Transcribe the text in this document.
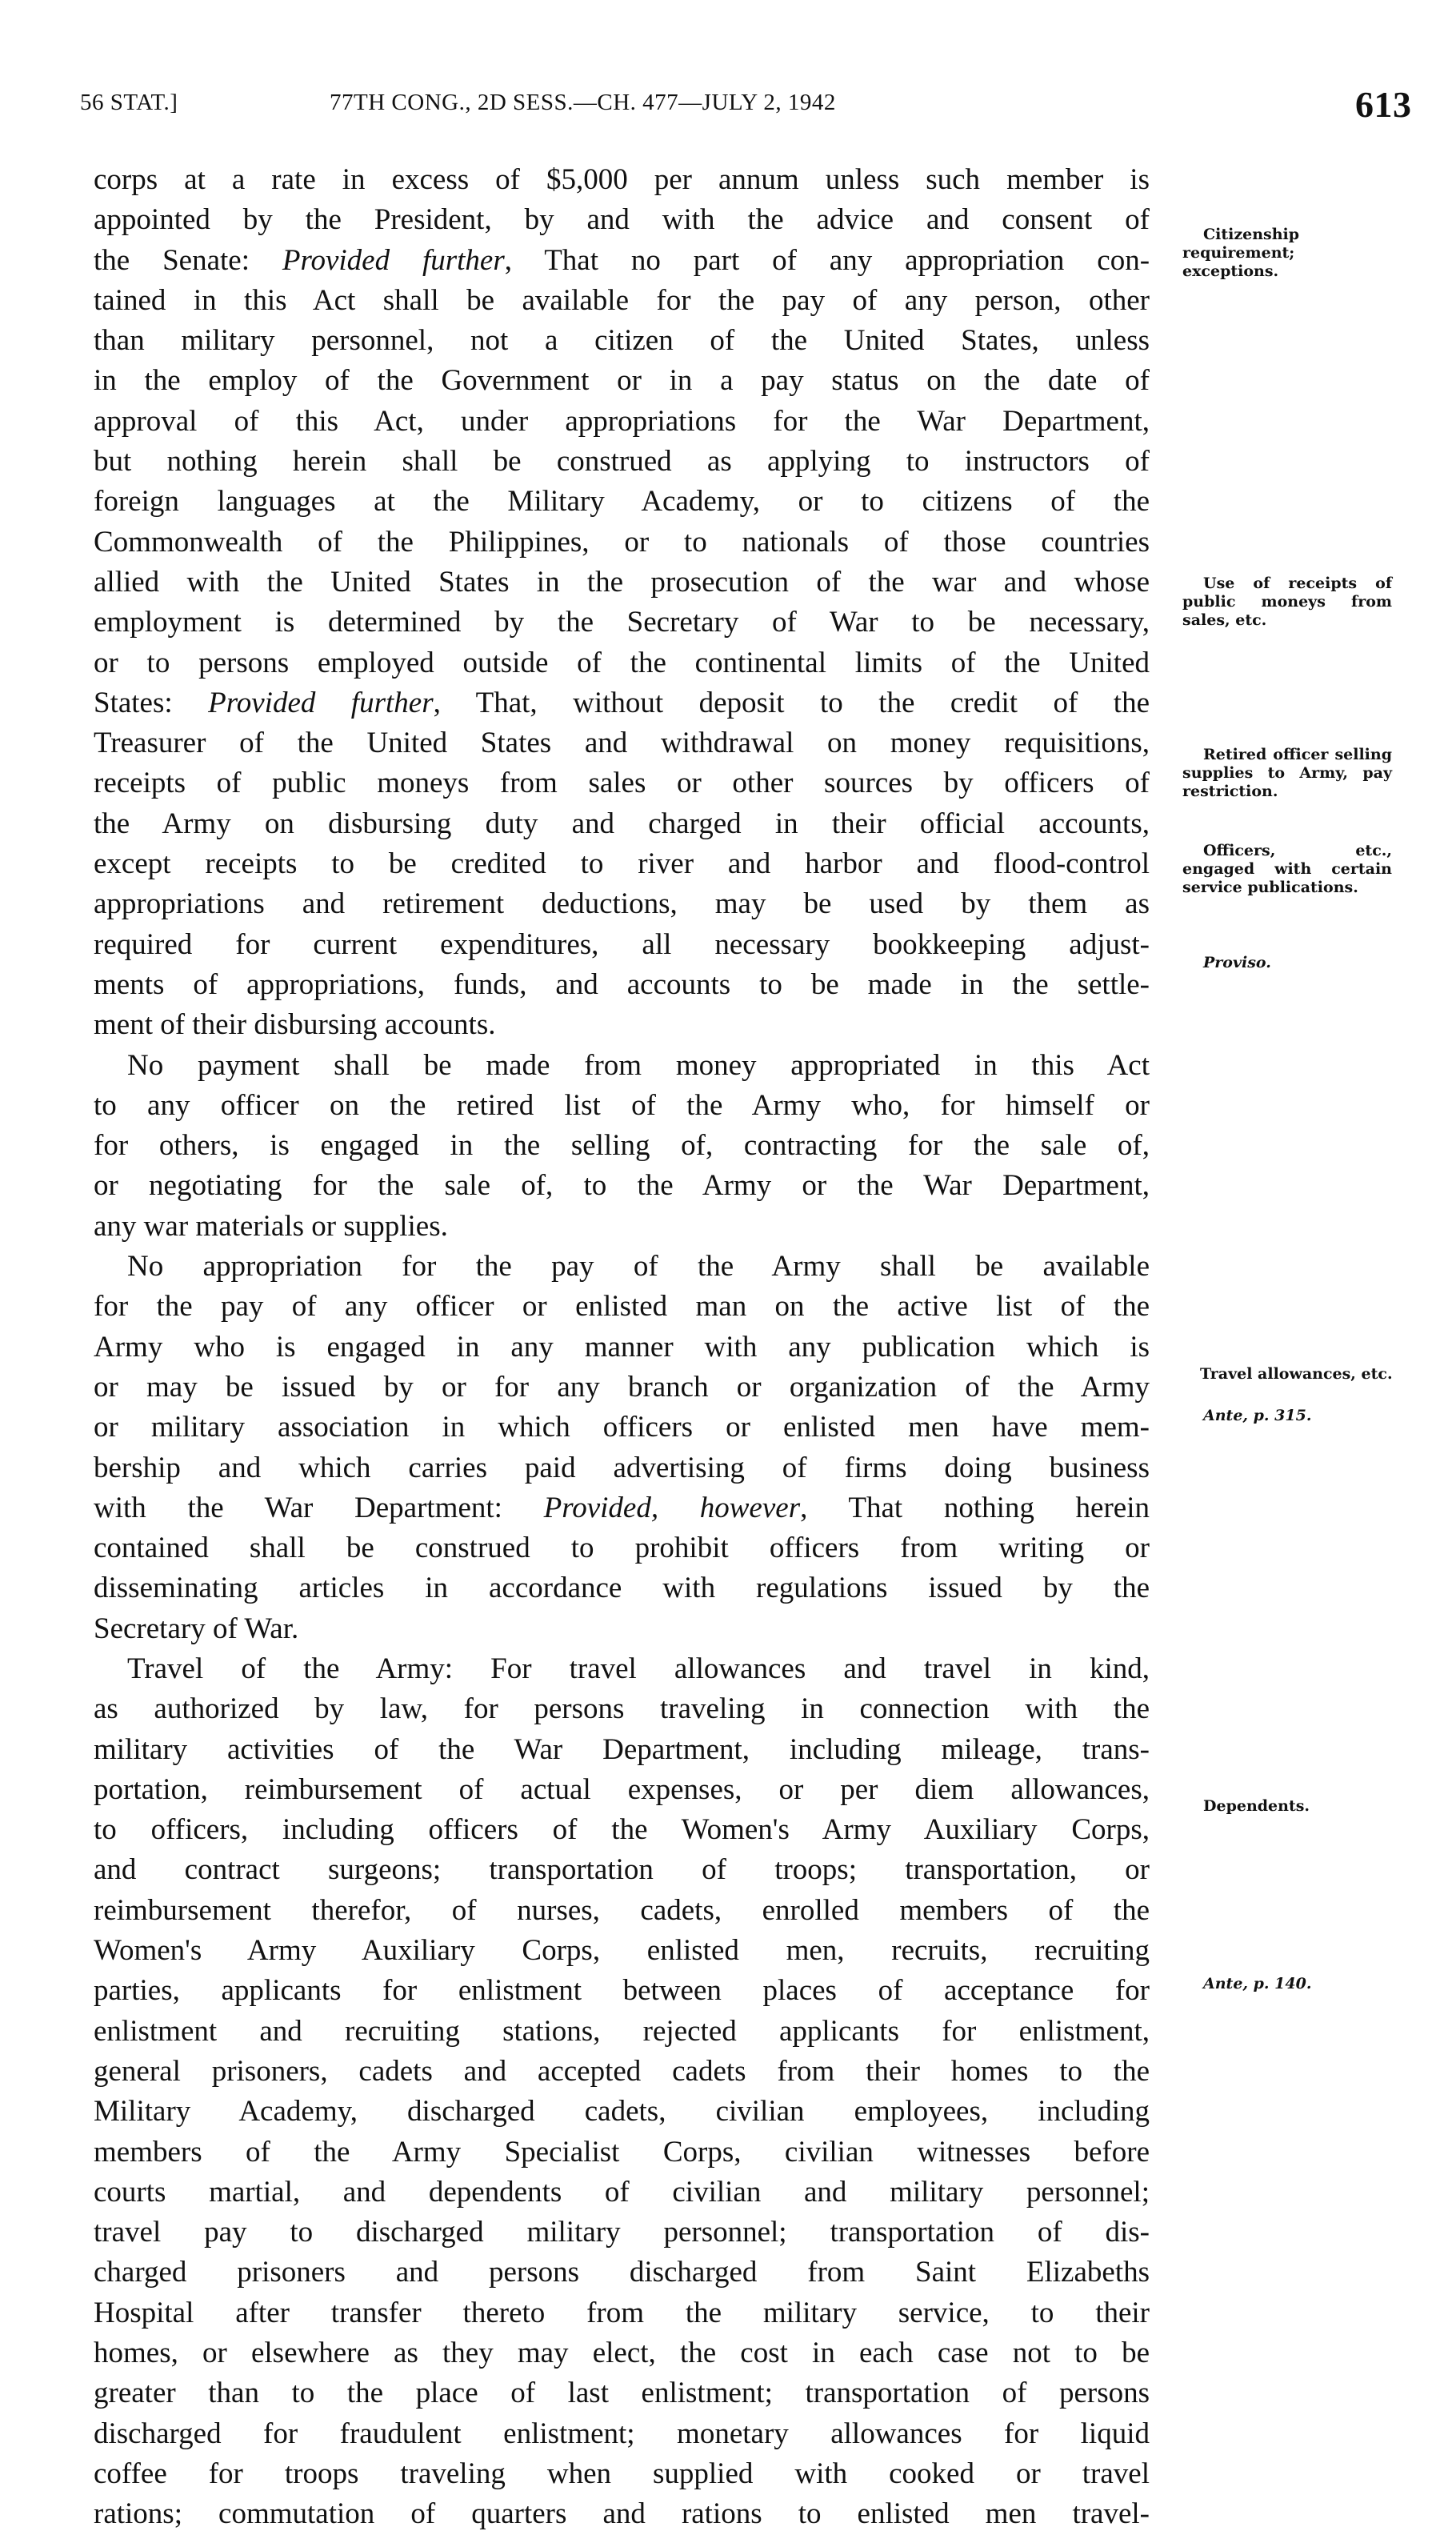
56 STAT.]	77TH CONG., 2D SESS.—CH. 477—JULY 2, 1942	613
corps at a rate in excess of $5,000 per annum unless such member is
appointed by the President, by and with the advice and consent of
the Senate: Provided further, That no part of any appropriation con-
tained in this Act shall be available for the pay of any person, other
than military personnel, not a citizen of the United States, unless
in the employ of the Government or in a pay status on the date of
approval of this Act, under appropriations for the War Department,
but nothing herein shall be construed as applying to instructors of
foreign languages at the Military Academy, or to citizens of the
Commonwealth of the Philippines, or to nationals of those countries
allied with the United States in the prosecution of the war and whose
employment is determined by the Secretary of War to be necessary,
or to persons employed outside of the continental limits of the United
States: Provided further, That, without deposit to the credit of the
Treasurer of the United States and withdrawal on money requisitions,
receipts of public moneys from sales or other sources by officers of
the Army on disbursing duty and charged in their official accounts,
except receipts to be credited to river and harbor and flood-control
appropriations and retirement deductions, may be used by them as
required for current expenditures, all necessary bookkeeping adjust-
ments of appropriations, funds, and accounts to be made in the settle-
ment of their disbursing accounts.
No payment shall be made from money appropriated in this Act
to any officer on the retired list of the Army who, for himself or
for others, is engaged in the selling of, contracting for the sale of,
or negotiating for the sale of, to the Army or the War Department,
any war materials or supplies.
No appropriation for the pay of the Army shall be available
for the pay of any officer or enlisted man on the active list of the
Army who is engaged in any manner with any publication which is
or may be issued by or for any branch or organization of the Army
or military association in which officers or enlisted men have mem-
bership and which carries paid advertising of firms doing business
with the War Department: Provided, however, That nothing herein
contained shall be construed to prohibit officers from writing or
disseminating articles in accordance with regulations issued by the
Secretary of War.
Travel of the Army: For travel allowances and travel in kind,
as authorized by law, for persons traveling in connection with the
military activities of the War Department, including mileage, trans-
portation, reimbursement of actual expenses, or per diem allowances,
to officers, including officers of the Women's Army Auxiliary Corps,
and contract surgeons; transportation of troops; transportation, or
reimbursement therefor, of nurses, cadets, enrolled members of the
Women's Army Auxiliary Corps, enlisted men, recruits, recruiting
parties, applicants for enlistment between places of acceptance for
enlistment and recruiting stations, rejected applicants for enlistment,
general prisoners, cadets and accepted cadets from their homes to the
Military Academy, discharged cadets, civilian employees, including
members of the Army Specialist Corps, civilian witnesses before
courts martial, and dependents of civilian and military personnel;
travel pay to discharged military personnel; transportation of dis-
charged prisoners and persons discharged from Saint Elizabeths
Hospital after transfer thereto from the military service, to their
homes, or elsewhere as they may elect, the cost in each case not to be
greater than to the place of last enlistment; transportation of persons
discharged for fraudulent enlistment; monetary allowances for liquid
coffee for troops traveling when supplied with cooked or travel
rations; commutation of quarters and rations to enlisted men travel-
Citizenship requirement; exceptions.
Use of receipts of public moneys from sales, etc.
Retired officer selling supplies to Army, pay restriction.
Officers, etc., engaged with certain service publications.
Proviso.
Travel allowances, etc.
Ante, p. 315.
Dependents.
Ante, p. 140.
